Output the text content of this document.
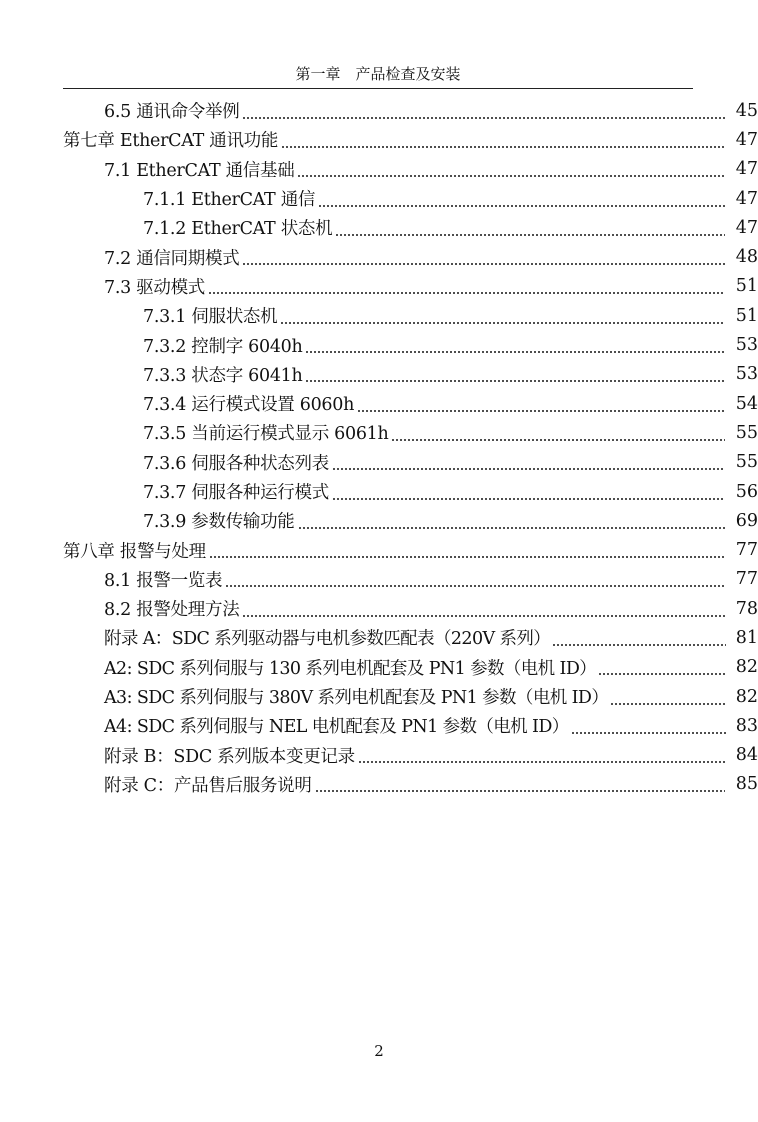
第一章　产品检查及安装
6.5 通讯命令举例	45
第七章 EtherCAT 通讯功能	47
7.1 EtherCAT 通信基础	47
7.1.1 EtherCAT 通信	47
7.1.2 EtherCAT 状态机	47
7.2 通信同期模式	48
7.3 驱动模式	51
7.3.1 伺服状态机	51
7.3.2 控制字 6040h	53
7.3.3 状态字 6041h	53
7.3.4 运行模式设置 6060h	54
7.3.5 当前运行模式显示 6061h	55
7.3.6 伺服各种状态列表	55
7.3.7 伺服各种运行模式	56
7.3.9 参数传输功能	69
第八章 报警与处理	77
8.1 报警一览表	77
8.2 报警处理方法	78
附录 A：SDC 系列驱动器与电机参数匹配表（220V 系列）	81
A2: SDC 系列伺服与 130 系列电机配套及 PN1 参数（电机 ID）	82
A3: SDC 系列伺服与 380V 系列电机配套及 PN1 参数（电机 ID）	82
A4: SDC 系列伺服与 NEL 电机配套及 PN1 参数（电机 ID）	83
附录 B：SDC 系列版本变更记录	84
附录 C：产品售后服务说明	85
2
